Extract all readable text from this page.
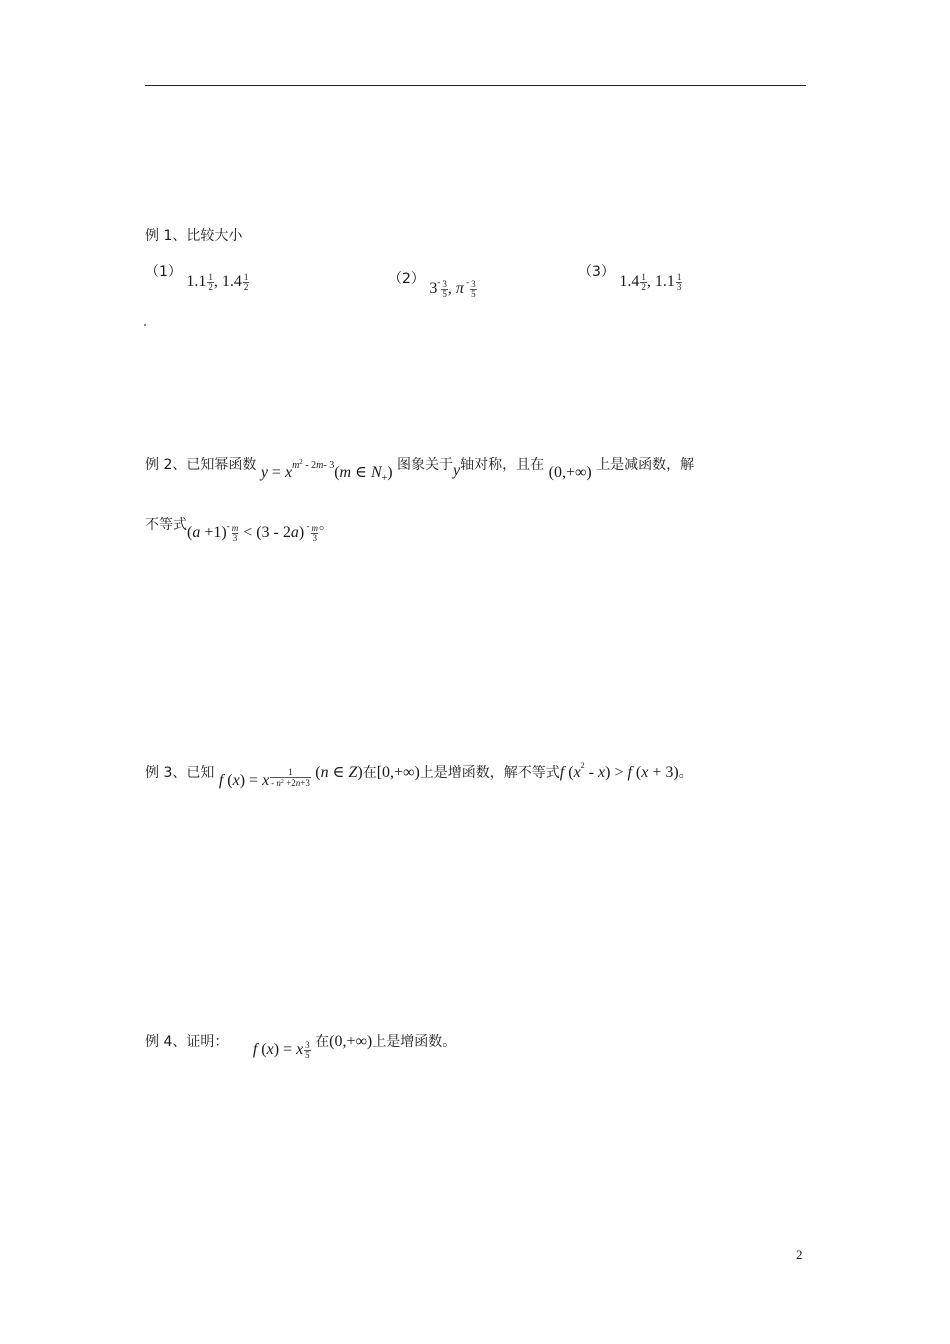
例 1、比较大小
（1） $1.1 \frac{1}{2}$ , $1.4 \frac{1}{2}$	（2） $3^- \frac{3}{5}$ , π $^- \frac{3}{5}$
（3） $1.4 \frac{1}{2}$ , $1.1 \frac{1}{3}$
例 2、已知幂函数 $y = x^{m^2 - 2m- 3}(m$ ∈ $N_+$) 图象关于y轴对称，且在 (0,+∞) 上是减函数，解
不等式$(a +1)^- \frac{m}{3} < (3 - 2a)$ $^- \frac{m}{3}$ 。
例 3、已知 f (x) = x $\frac{1}{- n^2 +2n+3} (n$ ∈ Z)在[0,+∞)上是增函数，解不等式f $(x^2 - x) > f$ (x + 3)。
例 4、证明： f (x) = x $\frac{3}{5}$ 在(0,+∞)上是增函数。
2
